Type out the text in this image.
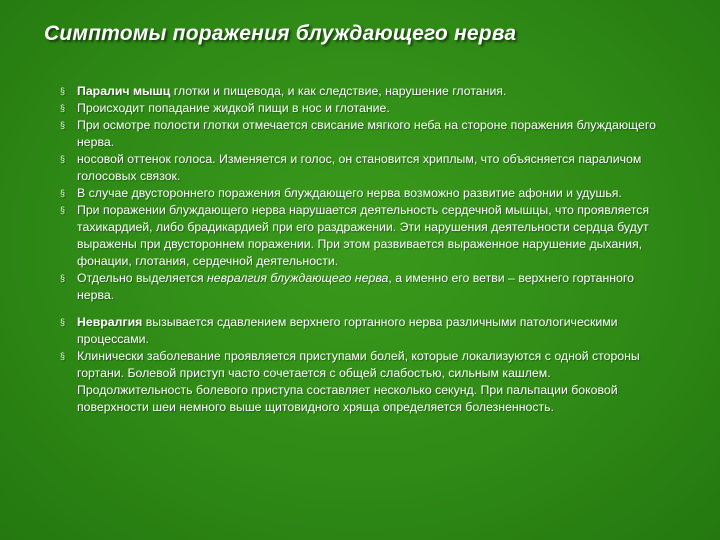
Симптомы поражения блуждающего нерва
§ Паралич мышц глотки и пищевода, и как следствие, нарушение глотания.
§ Происходит попадание жидкой пищи в нос и глотание.
§ При осмотре полости глотки отмечается свисание мягкого неба на стороне поражения блуждающего нерва.
§ носовой оттенок голоса. Изменяется и голос, он становится хриплым, что объясняется параличом голосовых связок.
§ В случае двустороннего поражения блуждающего нерва возможно развитие афонии и удушья.
§ При поражении блуждающего нерва нарушается деятельность сердечной мышцы, что проявляется тахикардией, либо брадикардией при его раздражении. Эти нарушения деятельности сердца будут выражены при двустороннем поражении. При этом развивается выраженное нарушение дыхания, фонации, глотания, сердечной деятельности.
§ Отдельно выделяется невралгия блуждающего нерва, а именно его ветви – верхнего гортанного нерва.
§ Невралгия вызывается сдавлением верхнего гортанного нерва различными патологическими процессами.
§ Клинически заболевание проявляется приступами болей, которые локализуются с одной стороны гортани. Болевой приступ часто сочетается с общей слабостью, сильным кашлем. Продолжительность болевого приступа составляет несколько секунд. При пальпации боковой поверхности шеи немного выше щитовидного хряща определяется болезненность.
